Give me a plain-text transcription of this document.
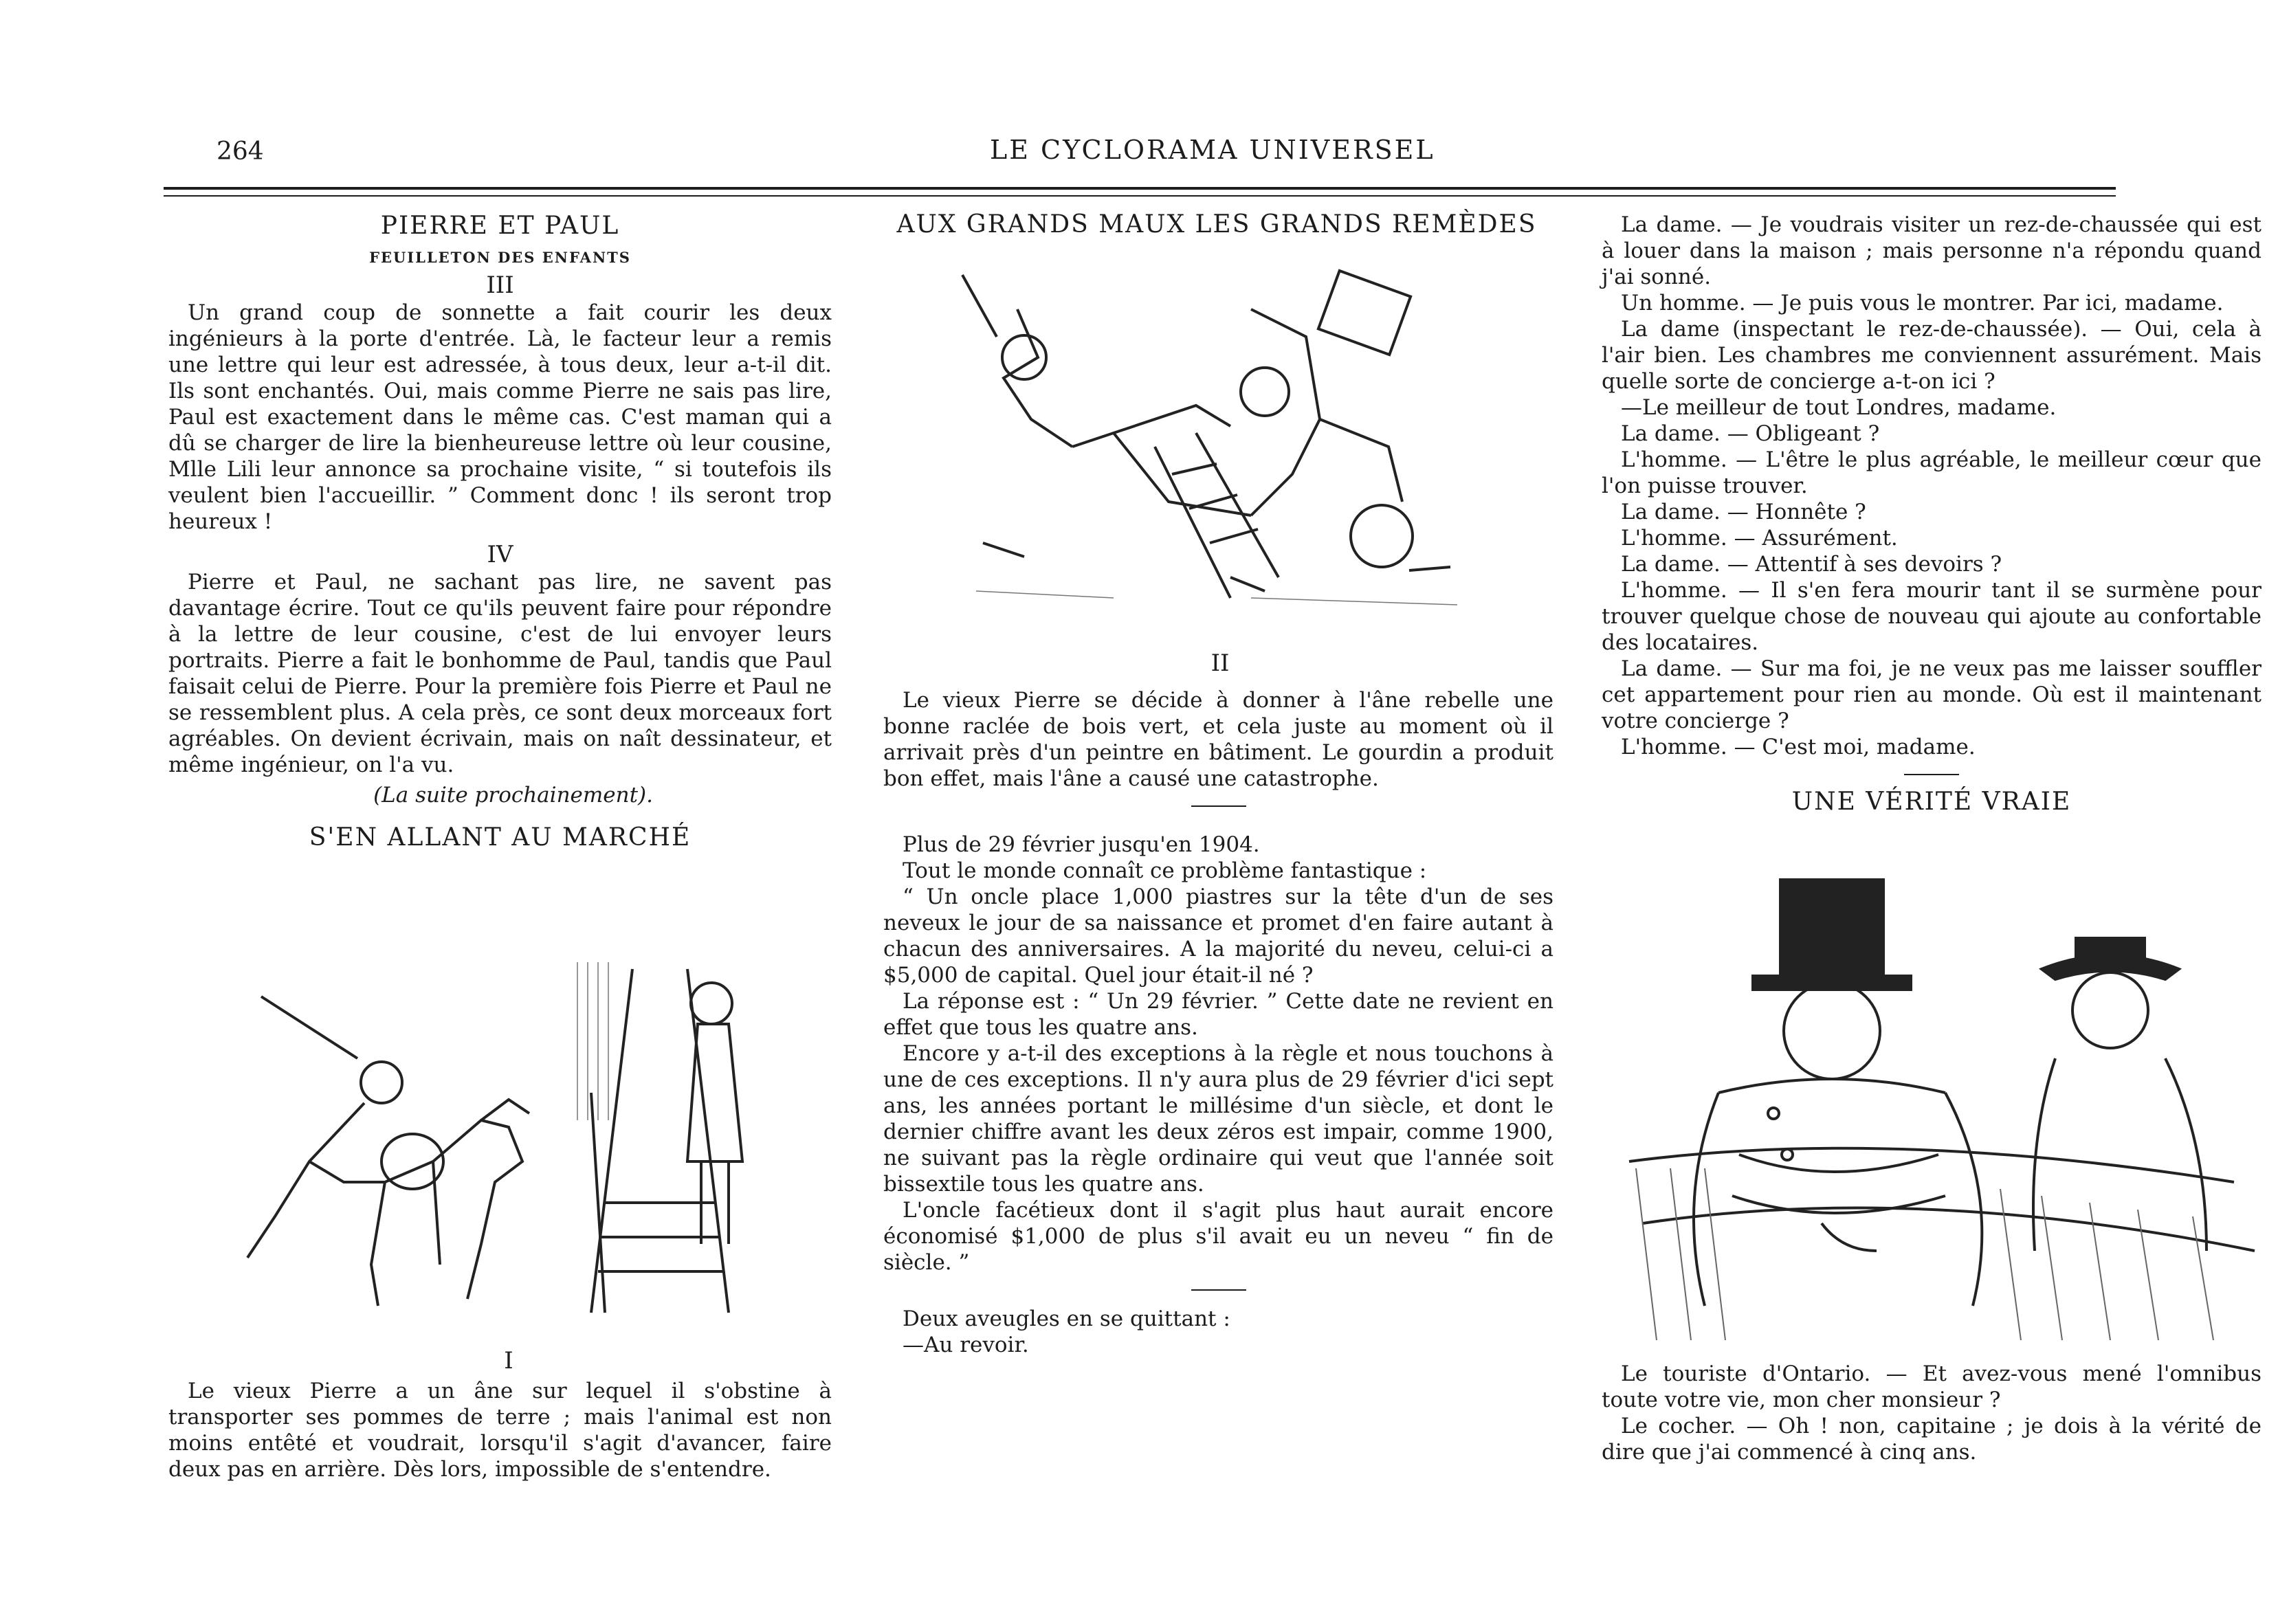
264	LE CYCLORAMA UNIVERSEL
PIERRE ET PAUL
FEUILLETON DES ENFANTS
III

Un grand coup de sonnette a fait courir les deux ingénieurs à la porte d'entrée. Là, le facteur leur a remis une lettre qui leur est adressée, à tous deux, leur a-t-il dit. Ils sont enchantés. Oui, mais comme Pierre ne sais pas lire, Paul est exactement dans le même cas. C'est maman qui a dû se charger de lire la bienheureuse lettre où leur cousine, Mlle Lili leur annonce sa prochaine visite, “ si toutefois ils veulent bien l'accueillir. ” Comment donc ! ils seront trop heureux !

IV

Pierre et Paul, ne sachant pas lire, ne savent pas davantage écrire. Tout ce qu'ils peuvent faire pour répondre à la lettre de leur cousine, c'est de lui envoyer leurs portraits. Pierre a fait le bonhomme de Paul, tandis que Paul faisait celui de Pierre. Pour la première fois Pierre et Paul ne se ressemblent plus. A cela près, ce sont deux morceaux fort agréables. On devient écrivain, mais on naît dessinateur, et même ingénieur, on l'a vu.

(La suite prochainement).

S'EN ALLANT AU MARCHÉ
I

Le vieux Pierre a un âne sur lequel il s'obstine à transporter ses pommes de terre ; mais l'animal est non moins entêté et voudrait, lorsqu'il s'agit d'avancer, faire deux pas en arrière. Dès lors, impossible de s'entendre.

AUX GRANDS MAUX LES GRANDS REMÈDES
II

Le vieux Pierre se décide à donner à l'âne rebelle une bonne raclée de bois vert, et cela juste au moment où il arrivait près d'un peintre en bâtiment. Le gourdin a produit bon effet, mais l'âne a causé une catastrophe.

Plus de 29 février jusqu'en 1904.

Tout le monde connaît ce problème fantastique :

“ Un oncle place 1,000 piastres sur la tête d'un de ses neveux le jour de sa naissance et promet d'en faire autant à chacun des anniversaires. A la majorité du neveu, celui-ci a $5,000 de capital. Quel jour était-il né ?

La réponse est : “ Un 29 février. ” Cette date ne revient en effet que tous les quatre ans.

Encore y a-t-il des exceptions à la règle et nous touchons à une de ces exceptions. Il n'y aura plus de 29 février d'ici sept ans, les années portant le millésime d'un siècle, et dont le dernier chiffre avant les deux zéros est impair, comme 1900, ne suivant pas la règle ordinaire qui veut que l'année soit bissextile tous les quatre ans.

L'oncle facétieux dont il s'agit plus haut aurait encore économisé $1,000 de plus s'il avait eu un neveu “ fin de siècle. ”

Deux aveugles en se quittant :

—Au revoir.

La dame. — Je voudrais visiter un rez-de-chaussée qui est à louer dans la maison ; mais personne n'a répondu quand j'ai sonné.

Un homme. — Je puis vous le montrer. Par ici, madame.

La dame (inspectant le rez-de-chaussée). — Oui, cela à l'air bien. Les chambres me conviennent assurément. Mais quelle sorte de concierge a-t-on ici ?

—Le meilleur de tout Londres, madame.

La dame. — Obligeant ?

L'homme. — L'être le plus agréable, le meilleur cœur que l'on puisse trouver.

La dame. — Honnête ?

L'homme. — Assurément.

La dame. — Attentif à ses devoirs ?

L'homme. — Il s'en fera mourir tant il se surmène pour trouver quelque chose de nouveau qui ajoute au confortable des locataires.

La dame. — Sur ma foi, je ne veux pas me laisser souffler cet appartement pour rien au monde. Où est il maintenant votre concierge ?

L'homme. — C'est moi, madame.

UNE VÉRITÉ VRAIE

Le touriste d'Ontario. — Et avez-vous mené l'omnibus toute votre vie, mon cher monsieur ?

Le cocher. — Oh ! non, capitaine ; je dois à la vérité de dire que j'ai commencé à cinq ans.
